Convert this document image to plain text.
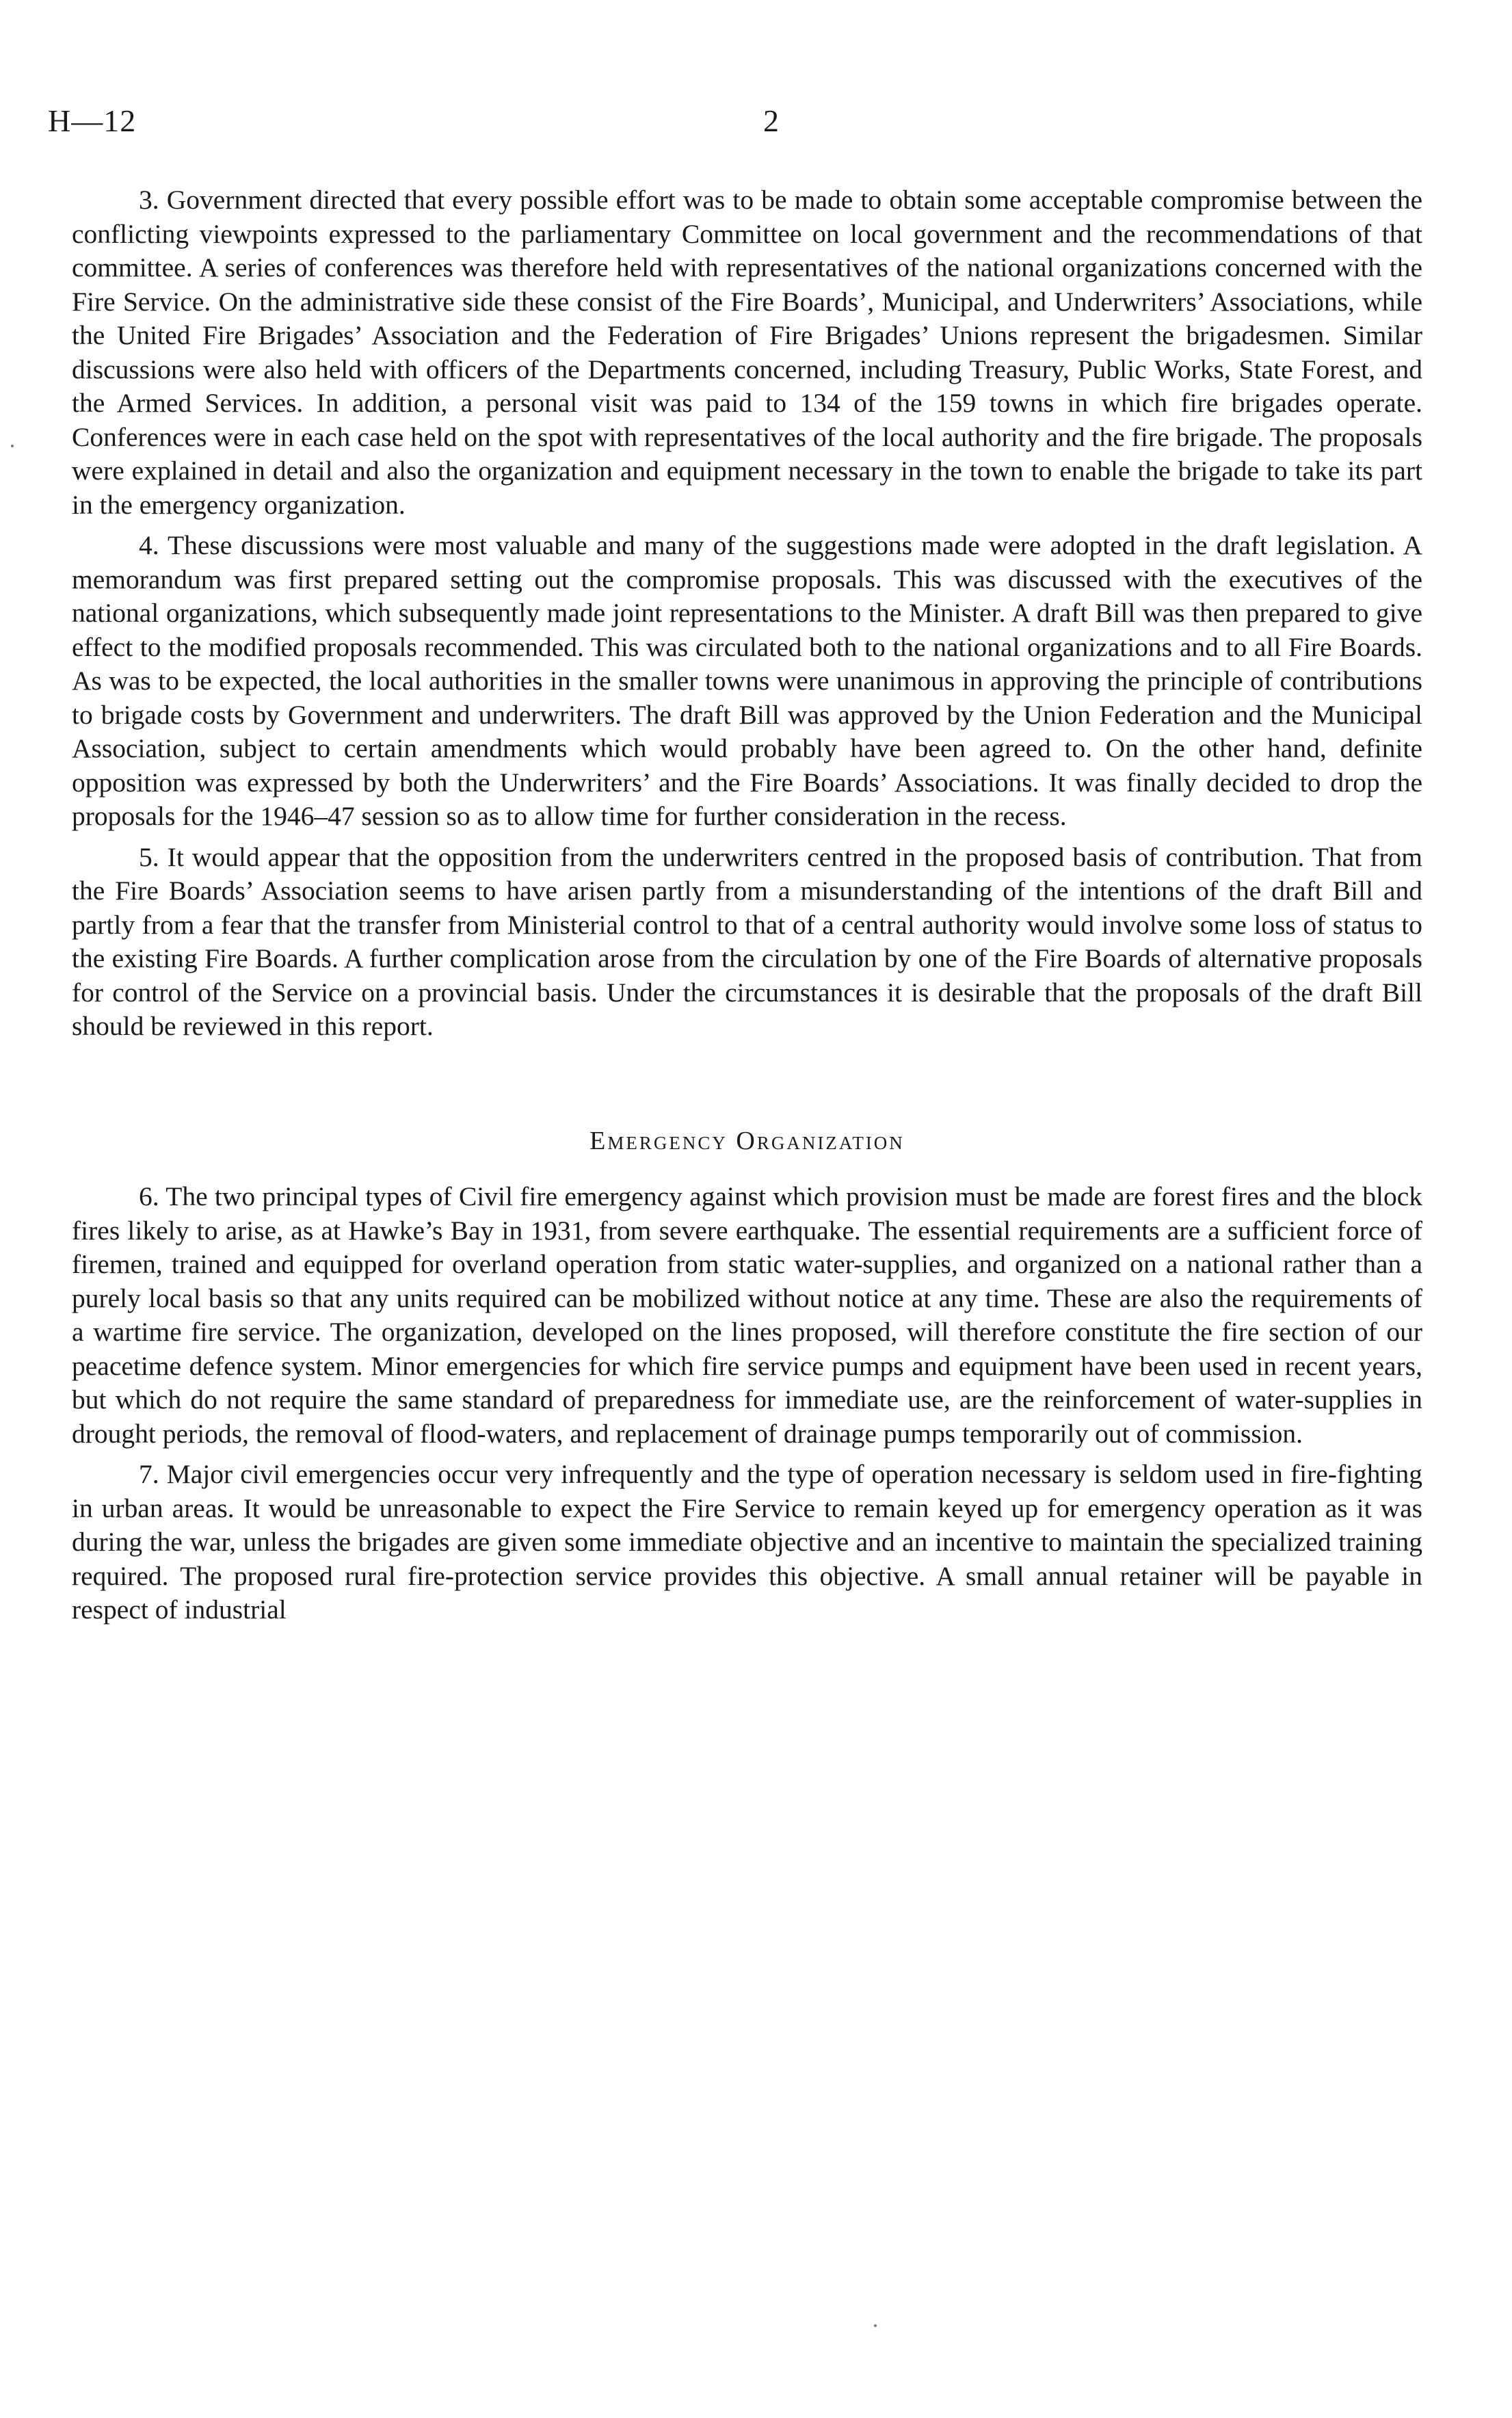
H—12	2

3. Government directed that every possible effort was to be made to obtain some acceptable compromise between the conflicting viewpoints expressed to the parliamentary Committee on local government and the recommendations of that committee. A series of conferences was therefore held with representatives of the national organizations concerned with the Fire Service. On the administrative side these consist of the Fire Boards’, Municipal, and Underwriters’ Associations, while the United Fire Brigades’ Association and the Federation of Fire Brigades’ Unions represent the brigadesmen. Similar discussions were also held with officers of the Departments concerned, including Treasury, Public Works, State Forest, and the Armed Services. In addition, a personal visit was paid to 134 of the 159 towns in which fire brigades operate. Conferences were in each case held on the spot with representatives of the local authority and the fire brigade. The proposals were explained in detail and also the organization and equipment necessary in the town to enable the brigade to take its part in the emergency organization.

4. These discussions were most valuable and many of the suggestions made were adopted in the draft legislation. A memorandum was first prepared setting out the compromise proposals. This was discussed with the executives of the national organizations, which subsequently made joint representations to the Minister. A draft Bill was then prepared to give effect to the modified proposals recommended. This was circulated both to the national organizations and to all Fire Boards. As was to be expected, the local authorities in the smaller towns were unanimous in approving the principle of contributions to brigade costs by Government and underwriters. The draft Bill was approved by the Union Federation and the Municipal Association, subject to certain amendments which would probably have been agreed to. On the other hand, definite opposition was expressed by both the Underwriters’ and the Fire Boards’ Associations. It was finally decided to drop the proposals for the 1946–47 session so as to allow time for further consideration in the recess.

5. It would appear that the opposition from the underwriters centred in the proposed basis of contribution. That from the Fire Boards’ Association seems to have arisen partly from a misunderstanding of the intentions of the draft Bill and partly from a fear that the transfer from Ministerial control to that of a central authority would involve some loss of status to the existing Fire Boards. A further complication arose from the circulation by one of the Fire Boards of alternative proposals for control of the Service on a provincial basis. Under the circumstances it is desirable that the proposals of the draft Bill should be reviewed in this report.

Emergency Organization

6. The two principal types of Civil fire emergency against which provision must be made are forest fires and the block fires likely to arise, as at Hawke’s Bay in 1931, from severe earthquake. The essential requirements are a sufficient force of firemen, trained and equipped for overland operation from static water-supplies, and organized on a national rather than a purely local basis so that any units required can be mobilized without notice at any time. These are also the requirements of a wartime fire service. The organization, developed on the lines proposed, will therefore constitute the fire section of our peacetime defence system. Minor emergencies for which fire service pumps and equipment have been used in recent years, but which do not require the same standard of preparedness for immediate use, are the reinforcement of water-supplies in drought periods, the removal of flood-waters, and replacement of drainage pumps temporarily out of commission.

7. Major civil emergencies occur very infrequently and the type of operation necessary is seldom used in fire-fighting in urban areas. It would be unreasonable to expect the Fire Service to remain keyed up for emergency operation as it was during the war, unless the brigades are given some immediate objective and an incentive to maintain the specialized training required. The proposed rural fire-protection service provides this objective. A small annual retainer will be payable in respect of industrial
